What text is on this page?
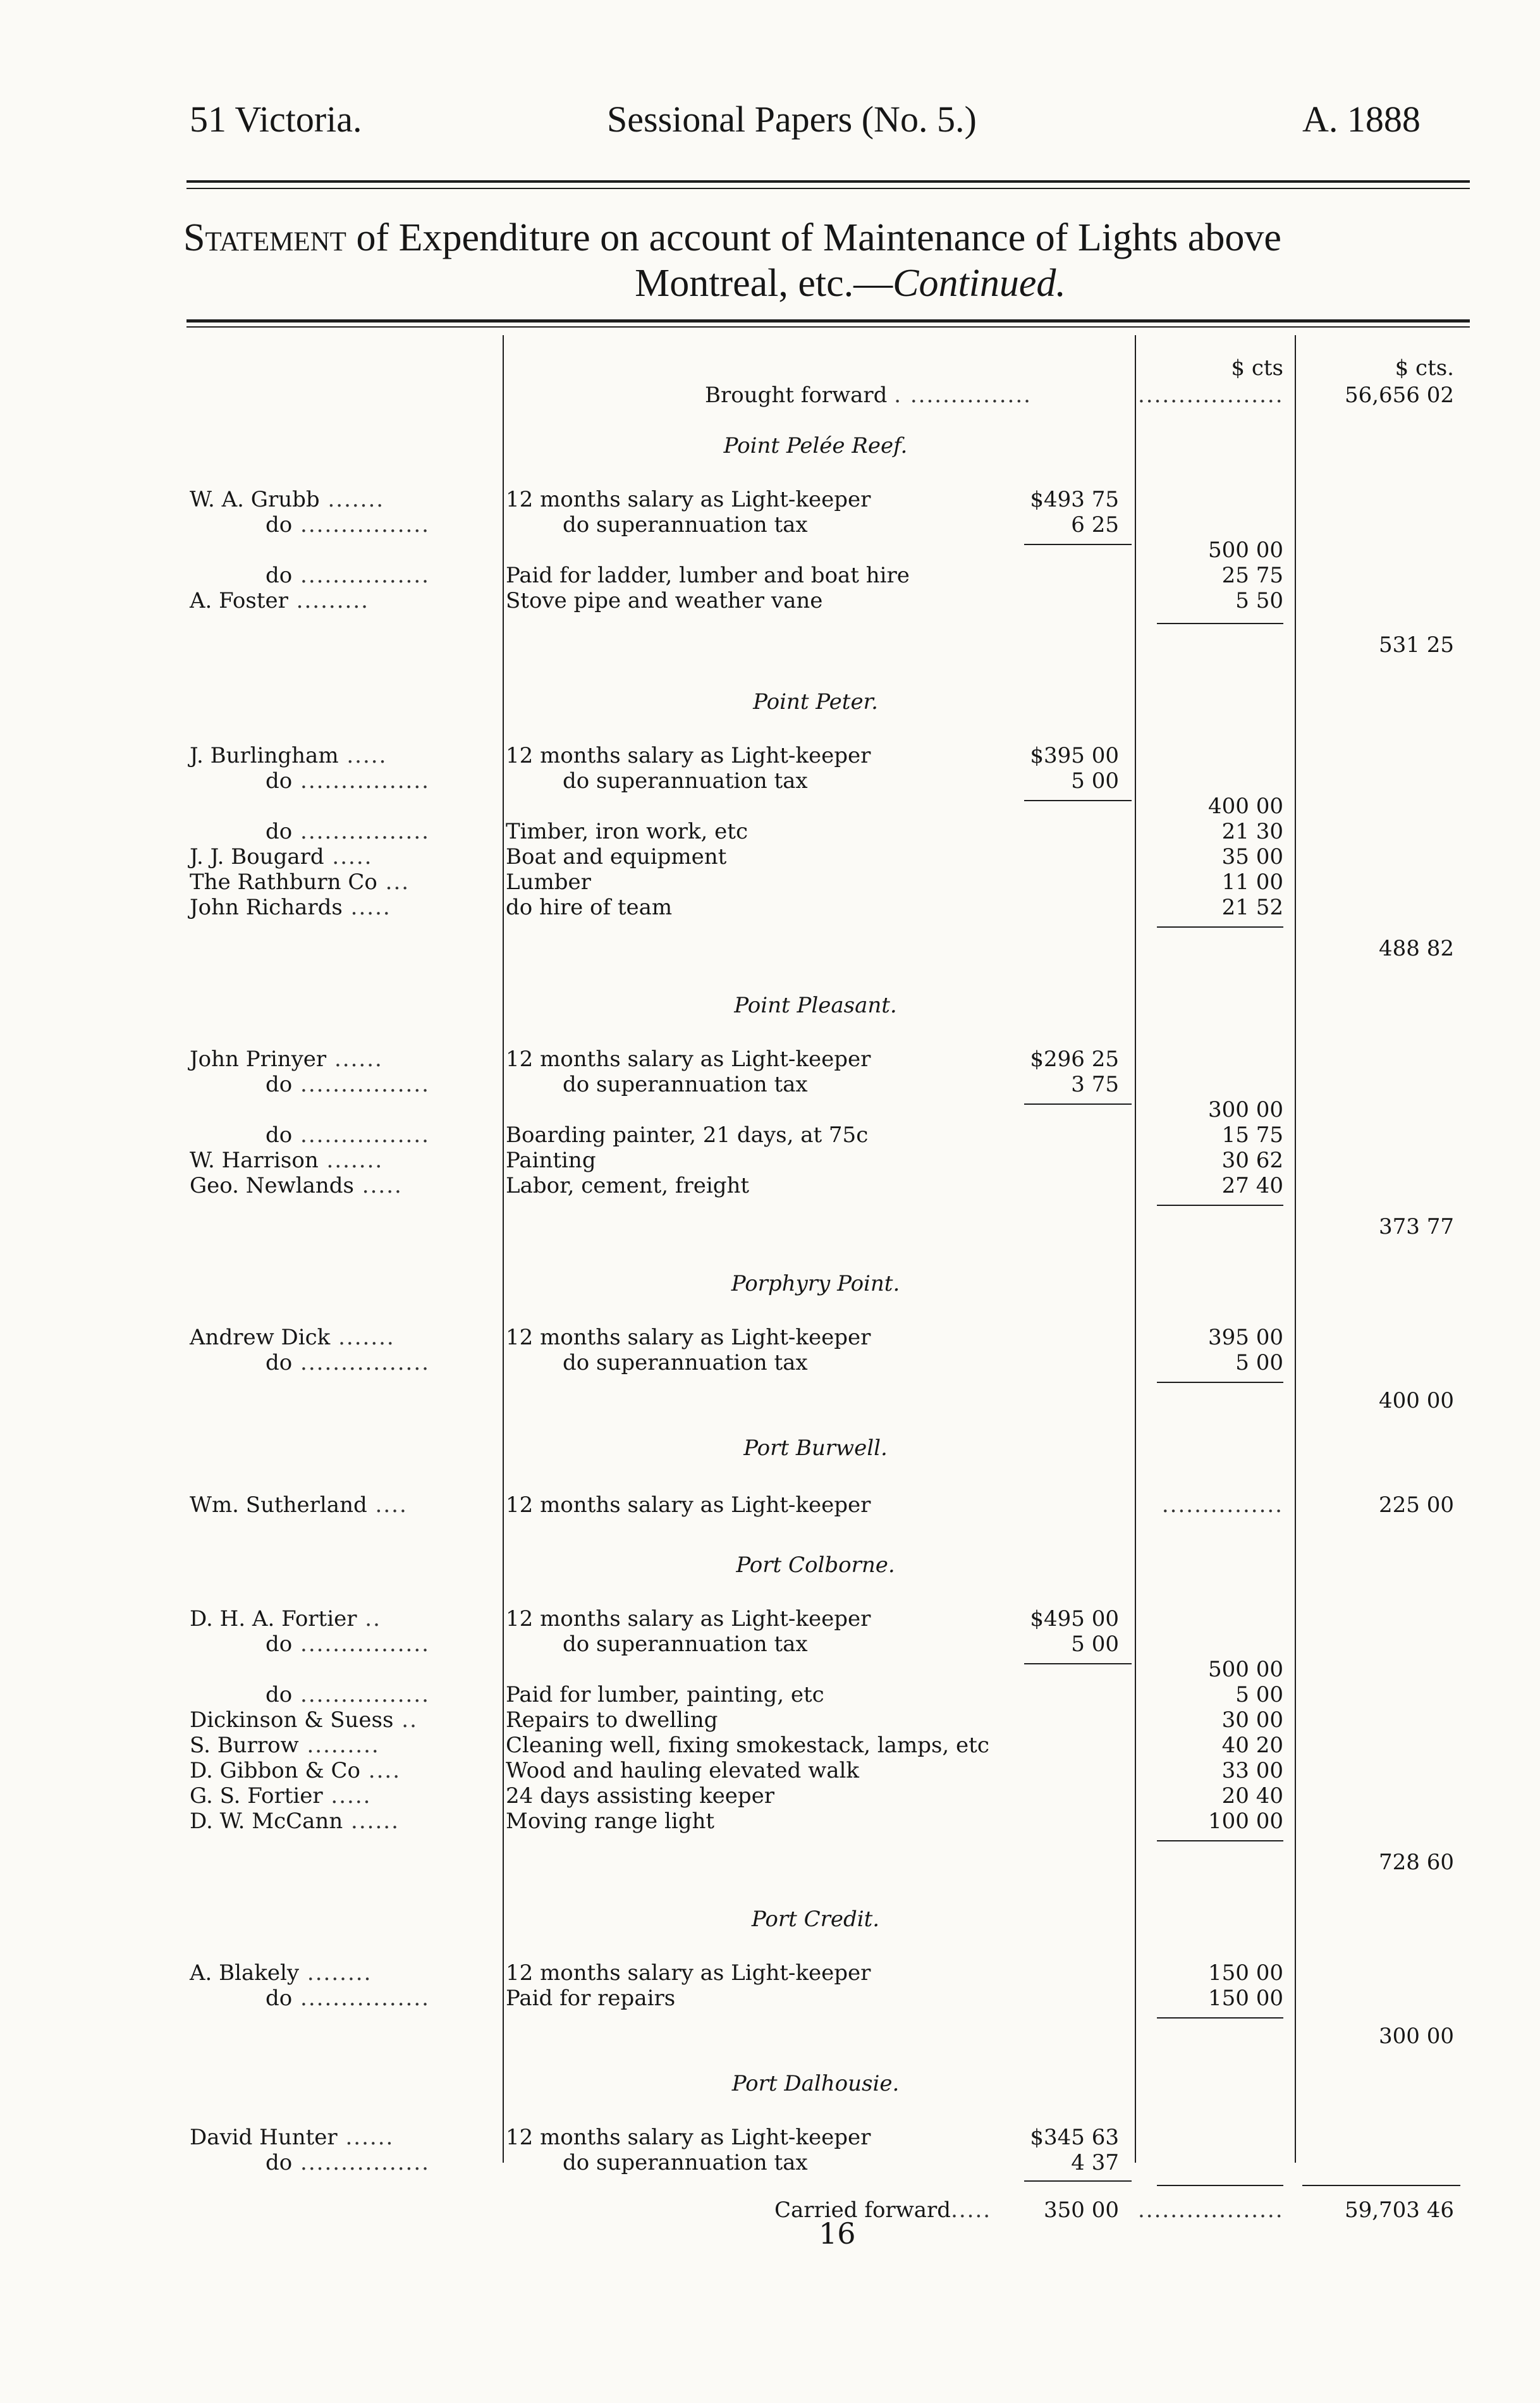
51 Victoria.	Sessional Papers (No. 5.)	A. 1888
Statement of Expenditure on account of Maintenance of Lights above
Montreal, etc.—Continued.
$ cts	$ cts.
Brought forward . ...............	..................	56,656 02
Point Pelée Reef.
W. A. Grubb .......	12 months salary as Light-keeper	$493 75
do ................	do superannuation tax	6 25
500 00
do ................	Paid for ladder, lumber and boat hire	25 75
A. Foster .........	Stove pipe and weather vane	5 50
531 25
Point Peter.
J. Burlingham .....	12 months salary as Light-keeper	$395 00
do ................	do superannuation tax	5 00
400 00
do ................	Timber, iron work, etc	21 30
J. J. Bougard .....	Boat and equipment	35 00
The Rathburn Co ...	Lumber	11 00
John Richards .....	do hire of team	21 52
488 82
Point Pleasant.
John Prinyer ......	12 months salary as Light-keeper	$296 25
do ................	do superannuation tax	3 75
300 00
do ................	Boarding painter, 21 days, at 75c	15 75
W. Harrison .......	Painting	30 62
Geo. Newlands .....	Labor, cement, freight	27 40
373 77
Porphyry Point.
Andrew Dick .......	12 months salary as Light-keeper	395 00
do ................	do superannuation tax	5 00
400 00
Port Burwell.
Wm. Sutherland ....	12 months salary as Light-keeper	...............	225 00
Port Colborne.
D. H. A. Fortier ..	12 months salary as Light-keeper	$495 00
do ................	do superannuation tax	5 00
500 00
do ................	Paid for lumber, painting, etc	5 00
Dickinson & Suess ..	Repairs to dwelling	30 00
S. Burrow .........	Cleaning well, fixing smokestack, lamps, etc	40 20
D. Gibbon & Co ....	Wood and hauling elevated walk	33 00
G. S. Fortier .....	24 days assisting keeper	20 40
D. W. McCann ......	Moving range light	100 00
728 60
Port Credit.
A. Blakely ........	12 months salary as Light-keeper	150 00
do ................	Paid for repairs	150 00
300 00
Port Dalhousie.
David Hunter ......	12 months salary as Light-keeper	$345 63
do ................	do superannuation tax	4 37
Carried forward.....	350 00 ..................	59,703 46
16
